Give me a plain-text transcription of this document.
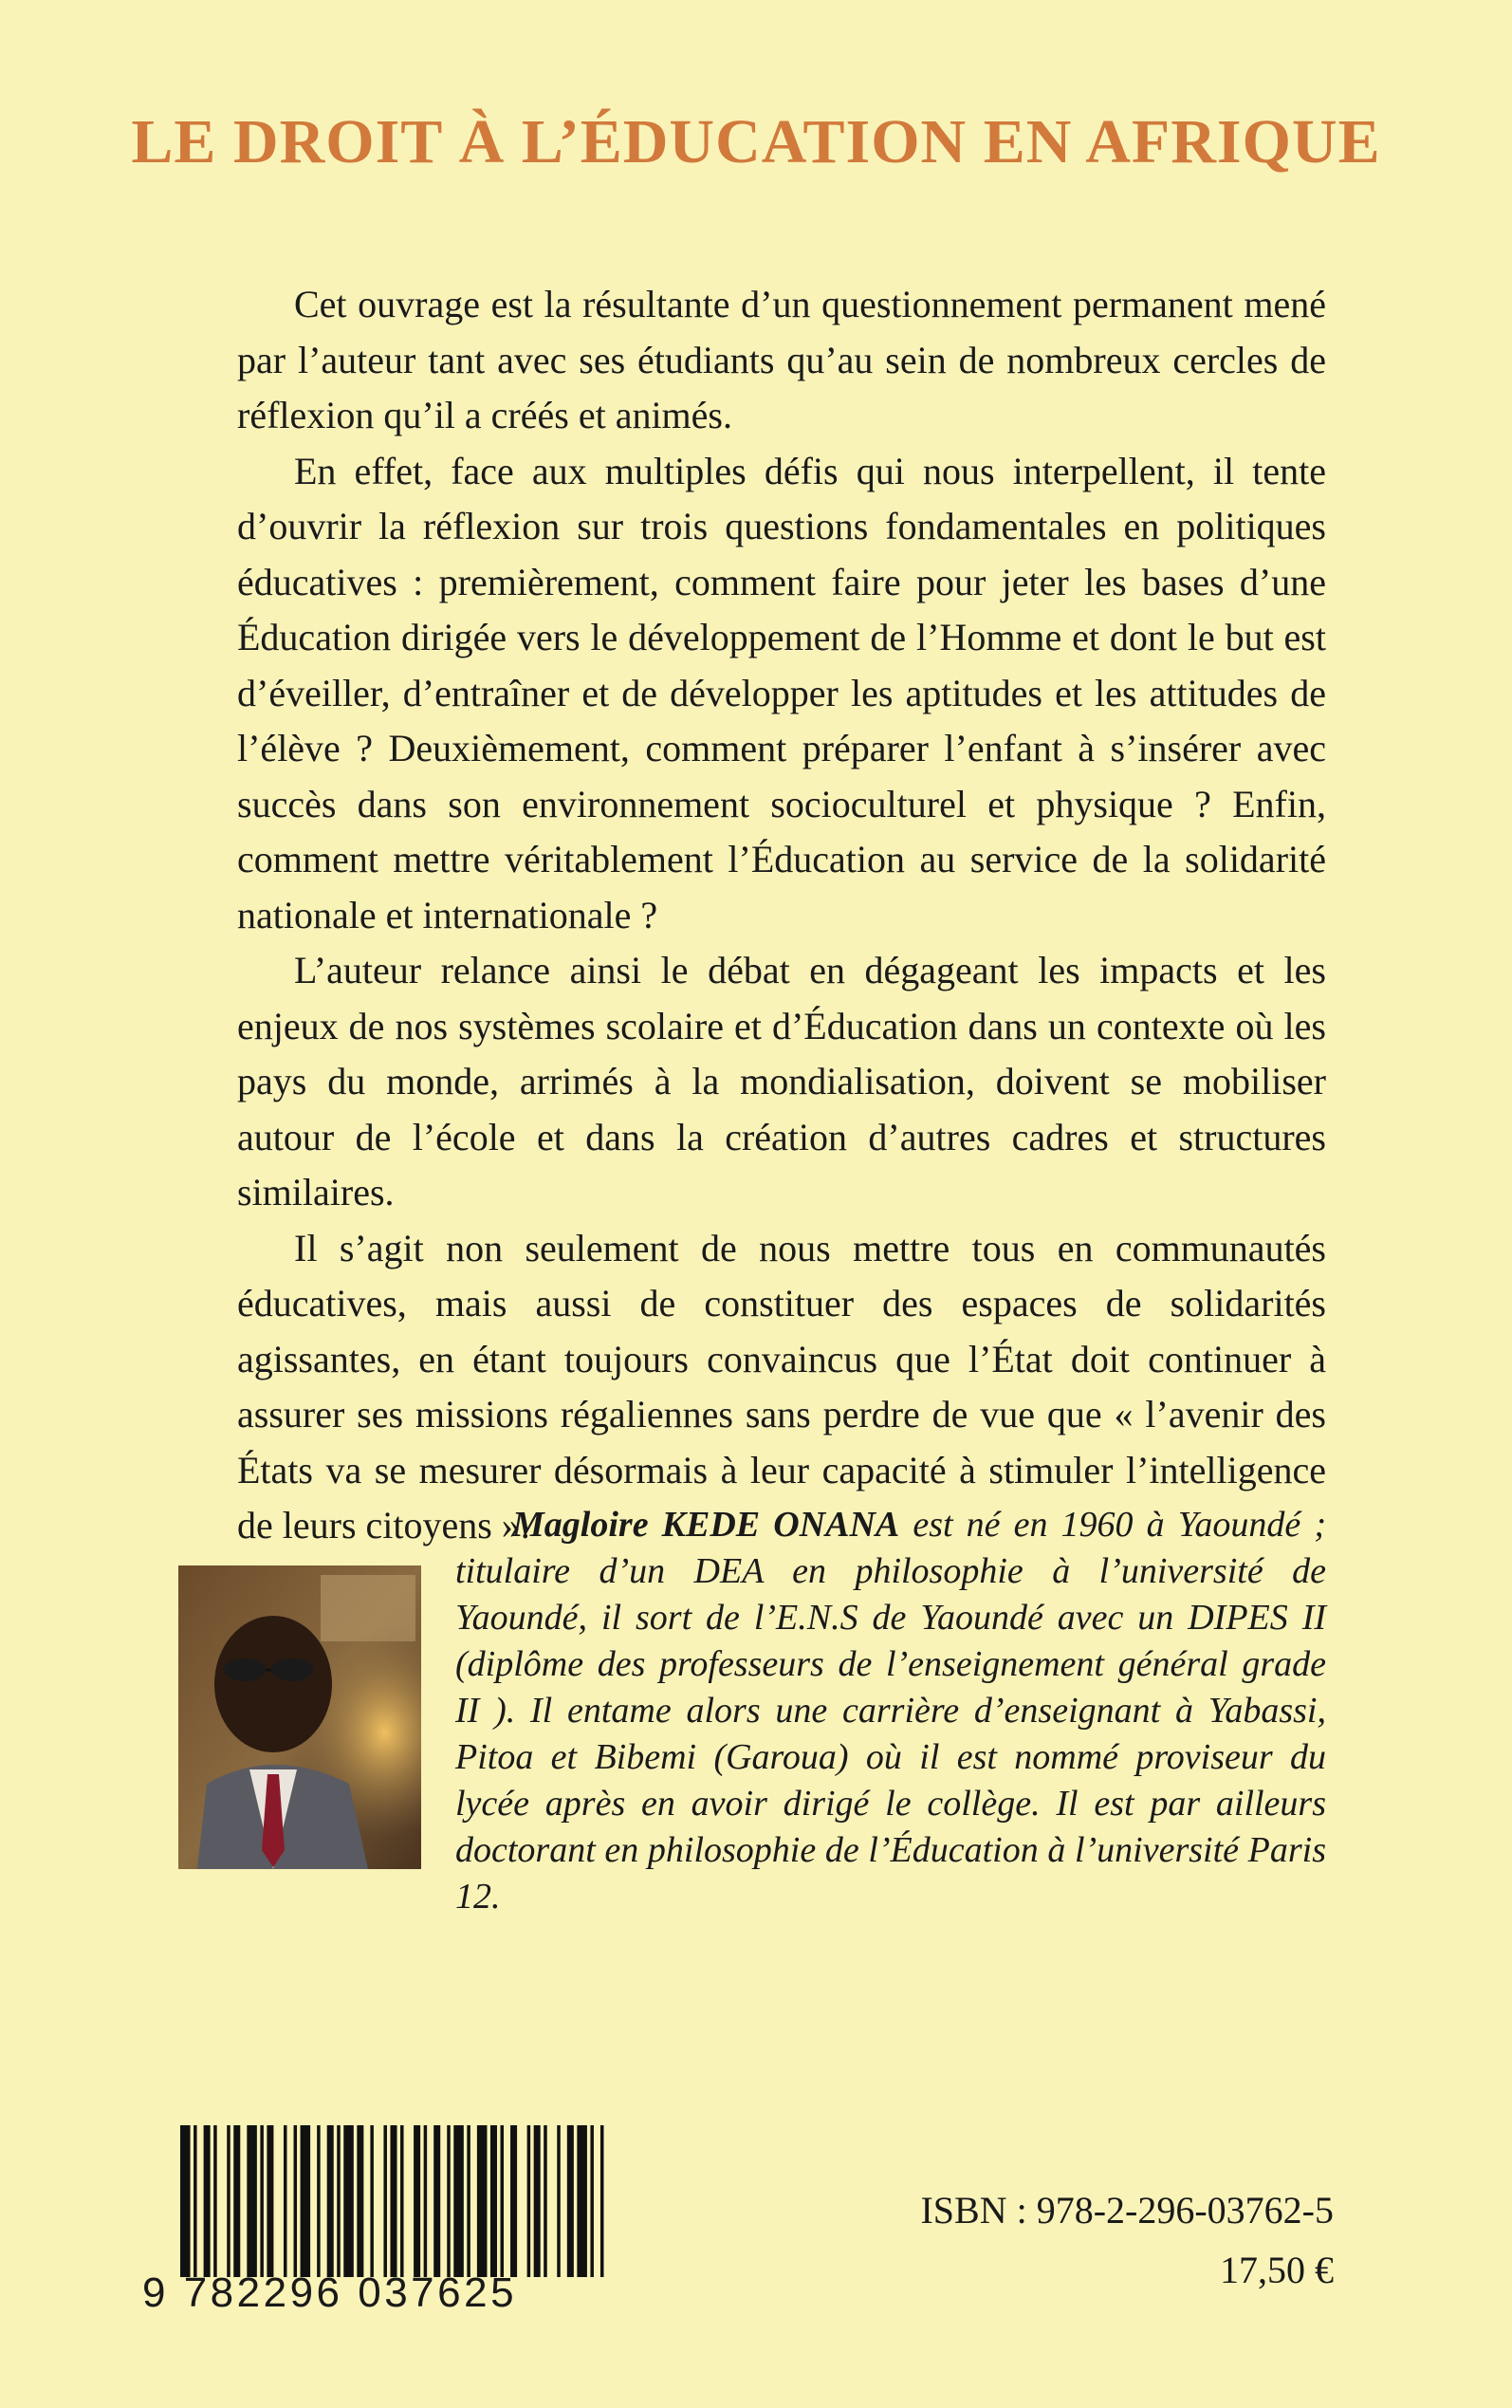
LE DROIT À L’ÉDUCATION EN AFRIQUE

Cet ouvrage est la résultante d’un questionnement permanent mené par l’auteur tant avec ses étudiants qu’au sein de nombreux cercles de réflexion qu’il a créés et animés.

En effet, face aux multiples défis qui nous interpellent, il tente d’ouvrir la réflexion sur trois questions fondamentales en politiques éducatives : premièrement, comment faire pour jeter les bases d’une Éducation dirigée vers le développement de l’Homme et dont le but est d’éveiller, d’entraîner et de développer les aptitudes et les attitudes de l’élève ? Deuxièmement, comment préparer l’enfant à s’insérer avec succès dans son environnement socioculturel et physique ? Enfin, comment mettre véritablement l’Éducation au service de la solidarité nationale et internationale ?

L’auteur relance ainsi le débat en dégageant les impacts et les enjeux de nos systèmes scolaire et d’Éducation dans un contexte où les pays du monde, arrimés à la mondialisation, doivent se mobiliser autour de l’école et dans la création d’autres cadres et structures similaires.

Il s’agit non seulement de nous mettre tous en communautés éducatives, mais aussi de constituer des espaces de solidarités agissantes, en étant toujours convaincus que l’État doit continuer à assurer ses missions régaliennes sans perdre de vue que « l’avenir des États va se mesurer désormais à leur capacité à stimuler l’intelligence de leurs citoyens ».

Magloire KEDE ONANA est né en 1960 à Yaoundé ; titulaire d’un DEA en philosophie à l’université de Yaoundé, il sort de l’E.N.S de Yaoundé avec un DIPES II (diplôme des professeurs de l’enseignement général grade II ). Il entame alors une carrière d’enseignant à Yabassi, Pitoa et Bibemi (Garoua) où il est nommé proviseur du lycée après en avoir dirigé le collège. Il est par ailleurs doctorant en philosophie de l’Éducation à l’université Paris 12.

9 782296 037625
ISBN : 978-2-296-03762-5
17,50 €
